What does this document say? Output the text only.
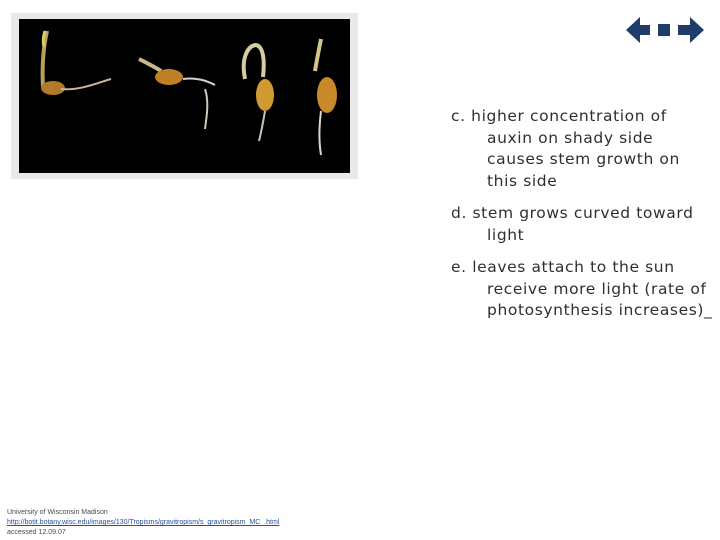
c. higher concentration of auxin on shady side causes stem growth on this side
d. stem grows curved toward light
e. leaves attach to the sun receive more light (rate of photosynthesis increases)_
University of Wisconsin Madison
http://botit.botany.wisc.edu/images/130/Tropisms/gravitropism/s_gravitropism_MC_.html
accessed 12.09.07
